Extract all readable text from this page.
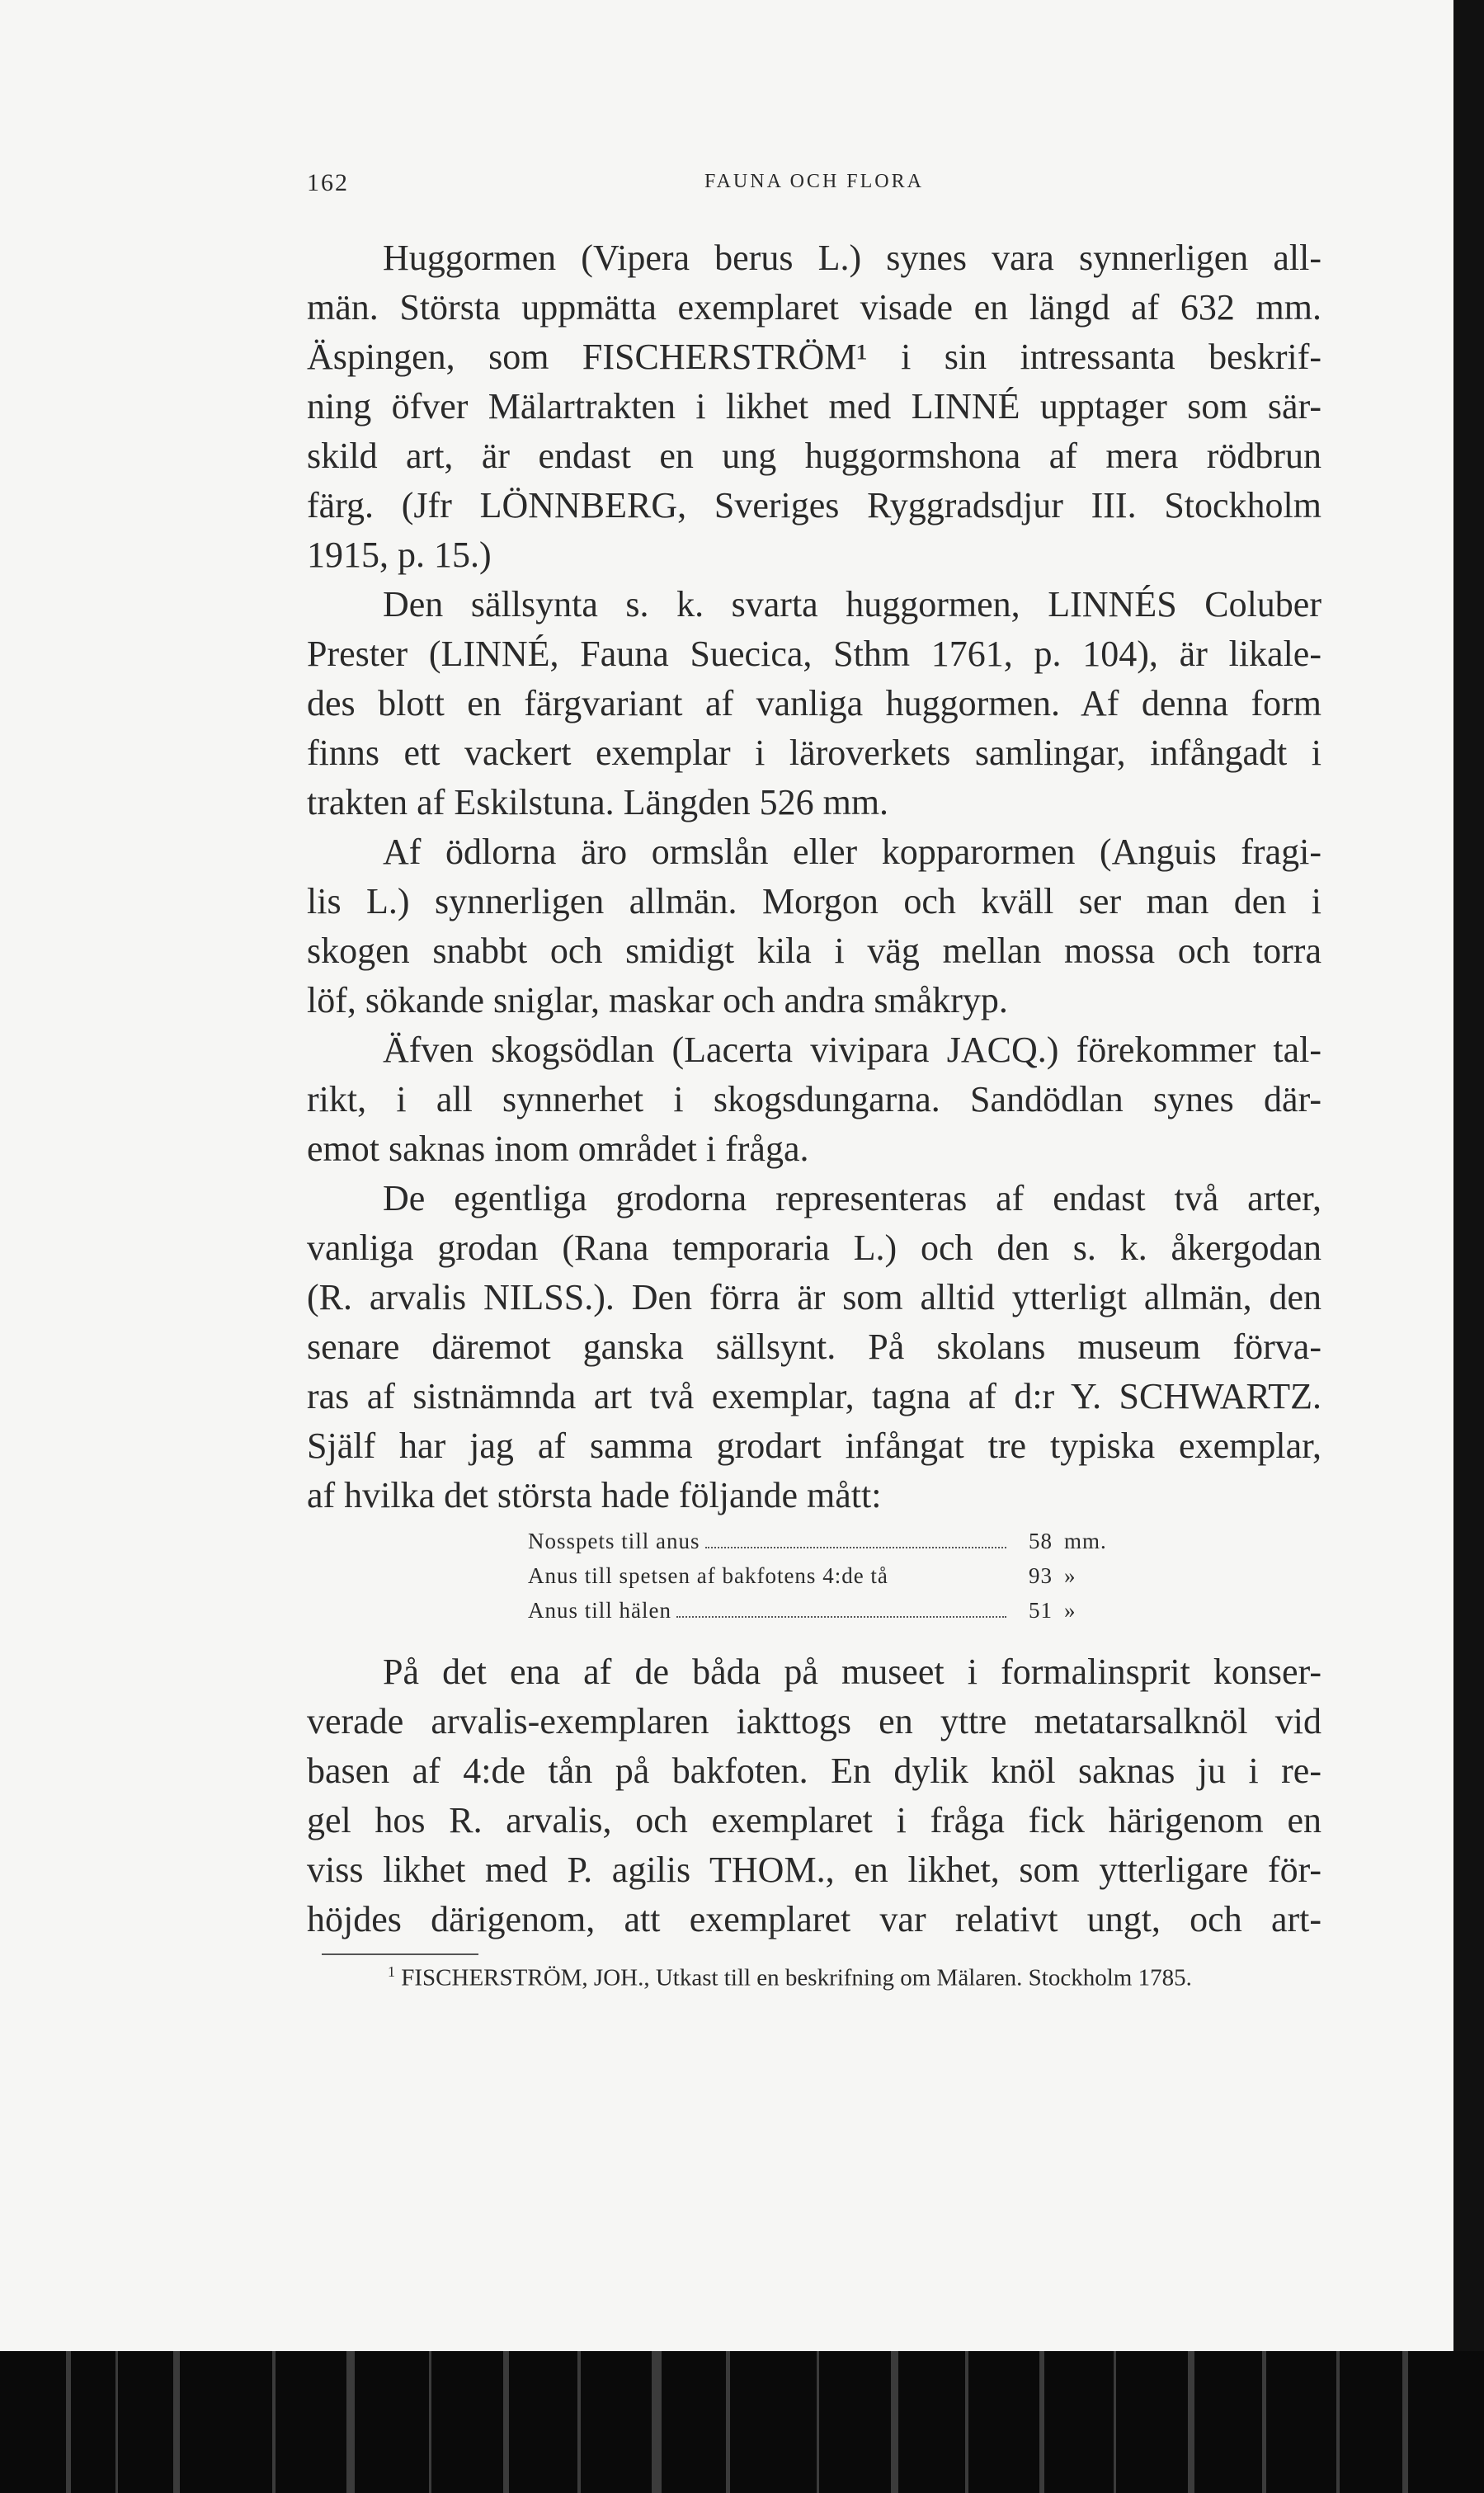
162	FAUNA OCH FLORA
Huggormen (Vipera berus L.) synes vara synnerligen all-
män. Största uppmätta exemplaret visade en längd af 632 mm.
Äspingen, som FISCHERSTRÖM¹ i sin intressanta beskrif-
ning öfver Mälartrakten i likhet med LINNÉ upptager som sär-
skild art, är endast en ung huggormshona af mera rödbrun
färg. (Jfr LÖNNBERG, Sveriges Ryggradsdjur III. Stockholm
1915, p. 15.)
Den sällsynta s. k. svarta huggormen, LINNÉS Coluber
Prester (LINNÉ, Fauna Suecica, Sthm 1761, p. 104), är likale-
des blott en färgvariant af vanliga huggormen. Af denna form
finns ett vackert exemplar i läroverkets samlingar, infångadt i
trakten af Eskilstuna. Längden 526 mm.
Af ödlorna äro ormslån eller kopparormen (Anguis fragi-
lis L.) synnerligen allmän. Morgon och kväll ser man den i
skogen snabbt och smidigt kila i väg mellan mossa och torra
löf, sökande sniglar, maskar och andra småkryp.
Äfven skogsödlan (Lacerta vivipara JACQ.) förekommer tal-
rikt, i all synnerhet i skogsdungarna. Sandödlan synes där-
emot saknas inom området i fråga.
De egentliga grodorna representeras af endast två arter,
vanliga grodan (Rana temporaria L.) och den s. k. åkergodan
(R. arvalis NILSS.). Den förra är som alltid ytterligt allmän, den
senare däremot ganska sällsynt. På skolans museum förva-
ras af sistnämnda art två exemplar, tagna af d:r Y. SCHWARTZ.
Själf har jag af samma grodart infångat tre typiska exemplar,
af hvilka det största hade följande mått:
Nosspets till anus	58 mm.
Anus till spetsen af bakfotens 4:de tå	93 »
Anus till hälen	51 »
På det ena af de båda på museet i formalinsprit konser-
verade arvalis-exemplaren iakttogs en yttre metatarsalknöl vid
basen af 4:de tån på bakfoten. En dylik knöl saknas ju i re-
gel hos R. arvalis, och exemplaret i fråga fick härigenom en
viss likhet med P. agilis THOM., en likhet, som ytterligare för-
höjdes därigenom, att exemplaret var relativt ungt, och art-
$^1$ FISCHERSTRÖM, JOH., Utkast till en beskrifning om Mälaren. Stockholm 1785.
